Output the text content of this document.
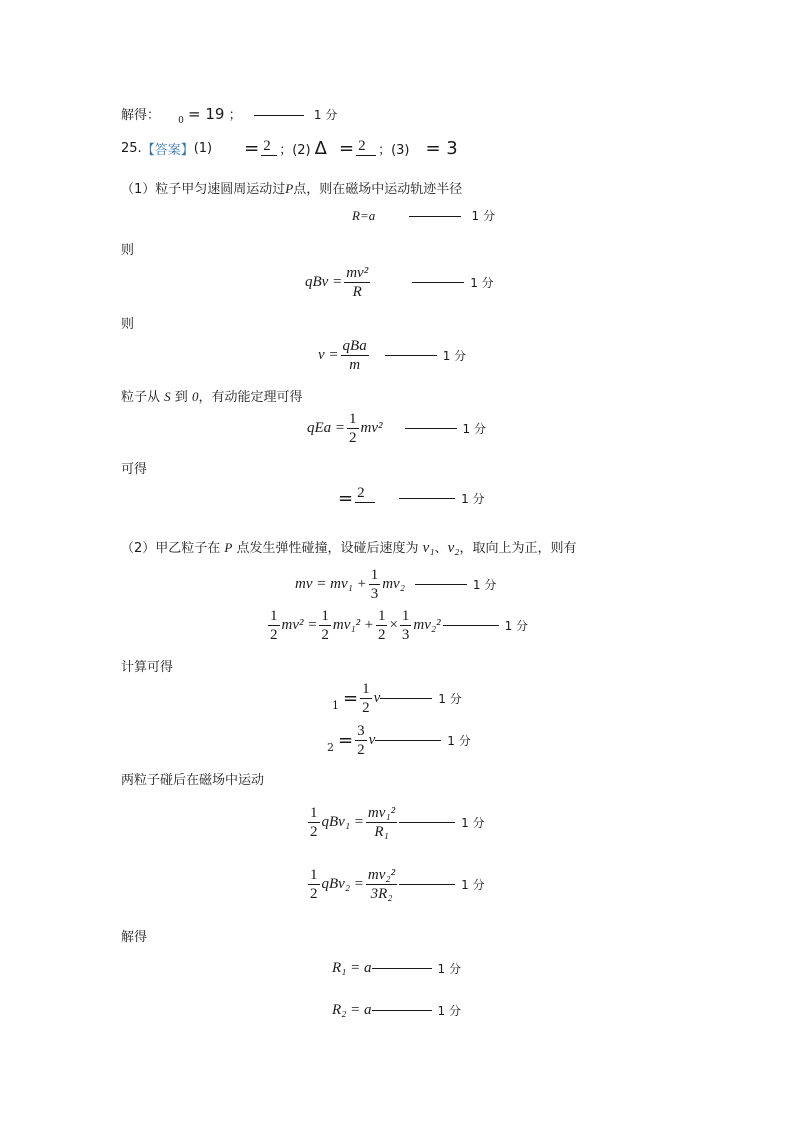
解得： $_0$ = 19 ；	1 分
25. 【答案】 (1) = 2 ；(2) Δ = 2 ；(3) = 3
（1）粒子甲匀速圆周运动过P点，则在磁场中运动轨迹半径
R=a	1 分
则
qBv = $\frac{\text{mv²}}{R}$	1 分
则
$v = \frac{\text{qBa}}{m}$	1 分
粒子从 S 到 0，有动能定理可得
qEa = $\frac{1}{2} mv^2$	1 分
可得
= 2	1 分
（2）甲乙粒子在 P 点发生弹性碰撞，设碰后速度为 v₁、v₂，取向上为正，则有
mv = $mv_1 + \frac{1}{3} mv_2$	1 分
$\frac{1}{2} mv^2 = \frac{1}{2} mv_1^2 + \frac{1}{2} \times \frac{1}{3} mv_2^2$	1 分
计算可得
$1 = \frac{1}{2}$ v	1 分
$2 = \frac{3}{2}$ v	1 分
两粒子碰后在磁场中运动
$\frac{1}{2} qBv_1 = \frac{\text{mv₁²}}{\text{R₁}}$	1 分
$\frac{1}{2} qBv_2 = \frac{\text{mv₂²}}{\text{3R₂}}$	1 分
解得
R₁ = a	1 分
R₂ = a	1 分
